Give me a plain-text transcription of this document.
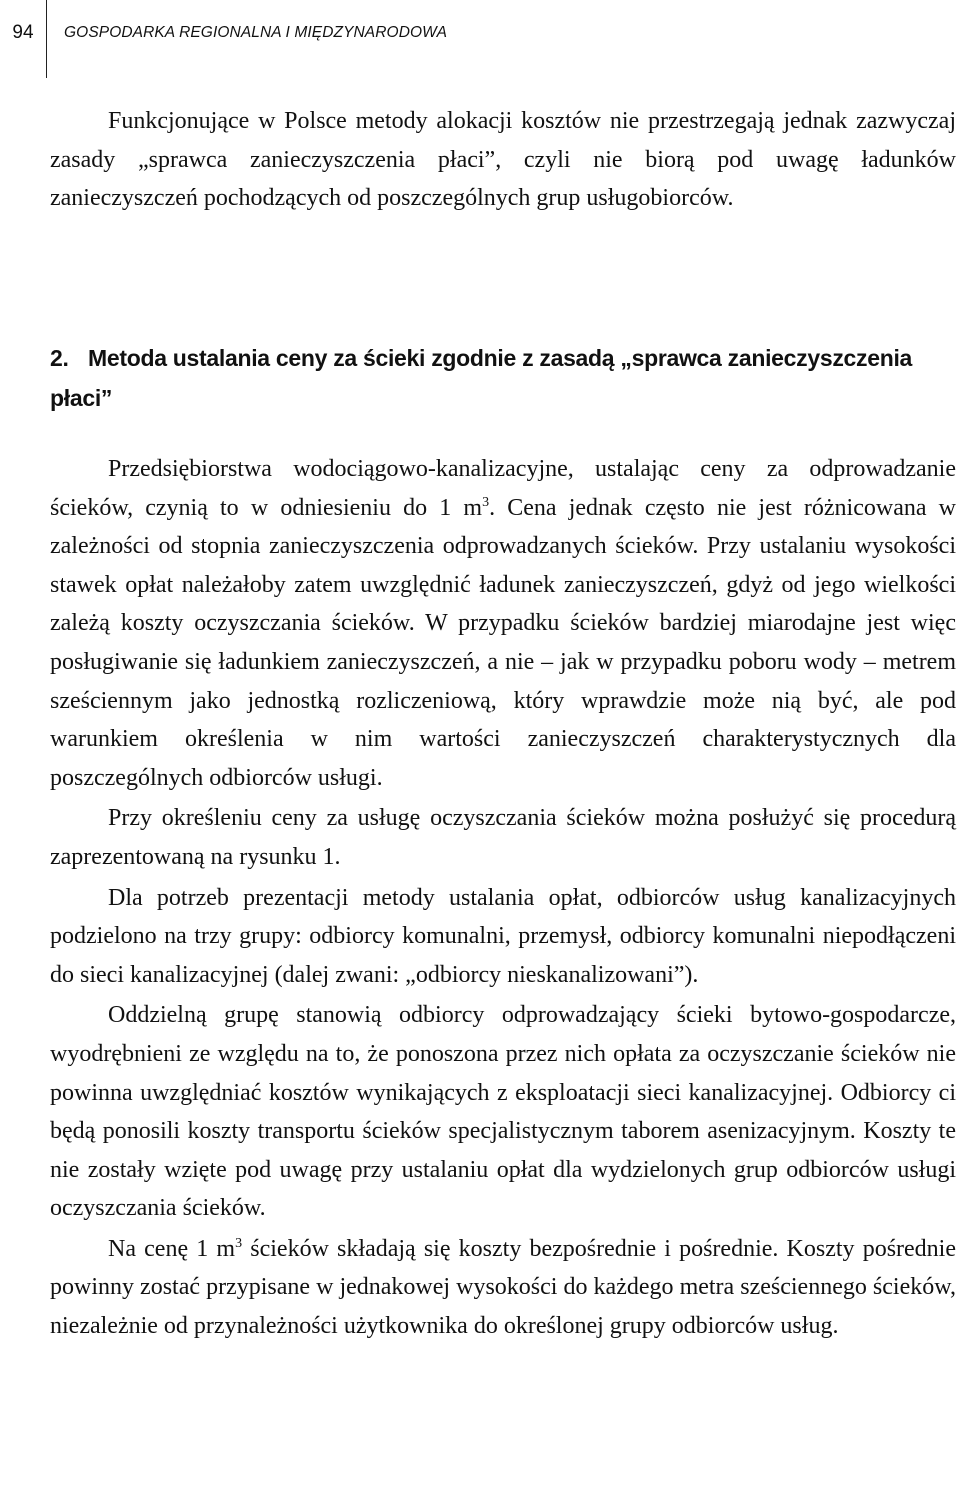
94	GOSPODARKA REGIONALNA I MIĘDZYNARODOWA

Funkcjonujące w Polsce metody alokacji kosztów nie przestrzegają jednak zazwyczaj zasady „sprawca zanieczyszczenia płaci”, czyli nie biorą pod uwagę ładunków zanieczyszczeń pochodzących od poszczególnych grup usługobiorców.

2. Metoda ustalania ceny za ścieki zgodnie z zasadą „sprawca zanieczyszczenia płaci”

Przedsiębiorstwa wodociągowo-kanalizacyjne, ustalając ceny za odprowadzanie ścieków, czynią to w odniesieniu do 1 $m^3$. Cena jednak często nie jest różnicowana w zależności od stopnia zanieczyszczenia odprowadzanych ścieków. Przy ustalaniu wysokości stawek opłat należałoby zatem uwzględnić ładunek zanieczyszczeń, gdyż od jego wielkości zależą koszty oczyszczania ścieków. W przypadku ścieków bardziej miarodajne jest więc posługiwanie się ładunkiem zanieczyszczeń, a nie – jak w przypadku poboru wody – metrem sześciennym jako jednostką rozliczeniową, który wprawdzie może nią być, ale pod warunkiem określenia w nim wartości zanieczyszczeń charakterystycznych dla poszczególnych odbiorców usługi.

Przy określeniu ceny za usługę oczyszczania ścieków można posłużyć się procedurą zaprezentowaną na rysunku 1.

Dla potrzeb prezentacji metody ustalania opłat, odbiorców usług kanalizacyjnych podzielono na trzy grupy: odbiorcy komunalni, przemysł, odbiorcy komunalni niepodłączeni do sieci kanalizacyjnej (dalej zwani: „odbiorcy nieskanalizowani”).

Oddzielną grupę stanowią odbiorcy odprowadzający ścieki bytowo-gospodarcze, wyodrębnieni ze względu na to, że ponoszona przez nich opłata za oczyszczanie ścieków nie powinna uwzględniać kosztów wynikających z eksploatacji sieci kanalizacyjnej. Odbiorcy ci będą ponosili koszty transportu ścieków specjalistycznym taborem asenizacyjnym. Koszty te nie zostały wzięte pod uwagę przy ustalaniu opłat dla wydzielonych grup odbiorców usługi oczyszczania ścieków.

Na cenę 1 $m^3$ ścieków składają się koszty bezpośrednie i pośrednie. Koszty pośrednie powinny zostać przypisane w jednakowej wysokości do każdego metra sześciennego ścieków, niezależnie od przynależności użytkownika do określonej grupy odbiorców usług.
